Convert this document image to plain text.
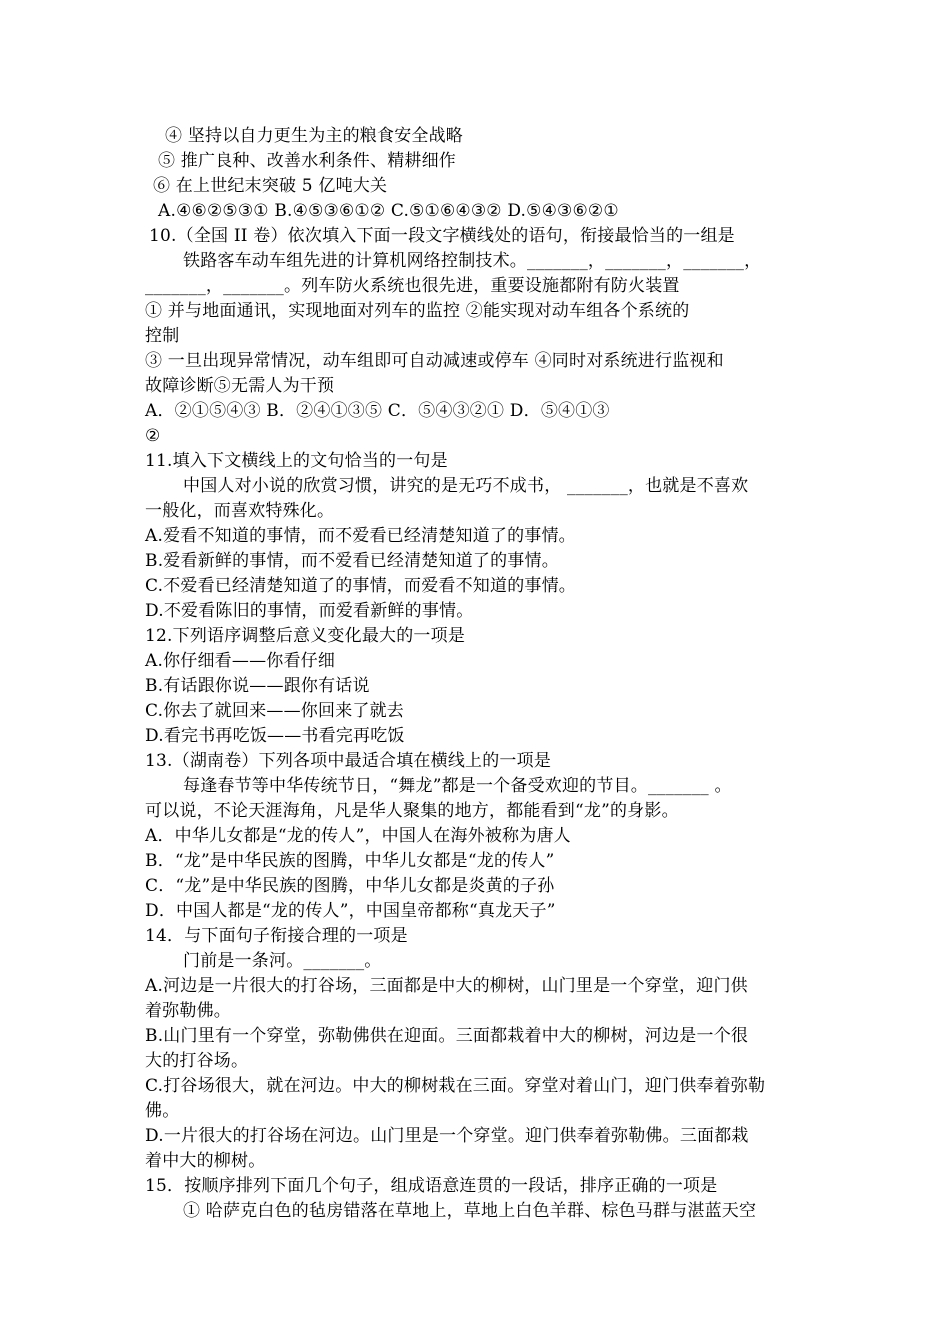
④ 坚持以自力更生为主的粮食安全战略
⑤ 推广良种、改善水利条件、精耕细作
⑥ 在上世纪末突破 5 亿吨大关
A.④⑥②⑤③① B.④⑤③⑥①② C.⑤①⑥④③② D.⑤④③⑥②①
10.（全国 II 卷）依次填入下面一段文字横线处的语句，衔接最恰当的一组是
铁路客车动车组先进的计算机网络控制技术。_______，_______，_______，
_______，_______。列车防火系统也很先进，重要设施都附有防火装置
① 并与地面通讯，实现地面对列车的监控 ②能实现对动车组各个系统的
控制
③ 一旦出现异常情况，动车组即可自动减速或停车 ④同时对系统进行监视和
故障诊断⑤无需人为干预
A．②①⑤④③ B．②④①③⑤ C．⑤④③②① D．⑤④①③
②
11.填入下文横线上的文句恰当的一句是
中国人对小说的欣赏习惯，讲究的是无巧不成书， _______，也就是不喜欢
一般化，而喜欢特殊化。
A.爱看不知道的事情，而不爱看已经清楚知道了的事情。
B.爱看新鲜的事情，而不爱看已经清楚知道了的事情。
C.不爱看已经清楚知道了的事情，而爱看不知道的事情。
D.不爱看陈旧的事情，而爱看新鲜的事情。
12.下列语序调整后意义变化最大的一项是
A.你仔细看——你看仔细
B.有话跟你说——跟你有话说
C.你去了就回来——你回来了就去
D.看完书再吃饭——书看完再吃饭
13.（湖南卷）下列各项中最适合填在横线上的一项是
每逢春节等中华传统节日，“舞龙”都是一个备受欢迎的节目。_______ 。
可以说，不论天涯海角，凡是华人聚集的地方，都能看到“龙”的身影。
A．中华儿女都是“龙的传人”，中国人在海外被称为唐人
B．“龙”是中华民族的图腾，中华儿女都是“龙的传人”
C．“龙”是中华民族的图腾，中华儿女都是炎黄的子孙
D．中国人都是“龙的传人”，中国皇帝都称“真龙天子”
14．与下面句子衔接合理的一项是
门前是一条河。_______。
A.河边是一片很大的打谷场，三面都是中大的柳树，山门里是一个穿堂，迎门供
着弥勒佛。
B.山门里有一个穿堂，弥勒佛供在迎面。三面都栽着中大的柳树，河边是一个很
大的打谷场。
C.打谷场很大，就在河边。中大的柳树栽在三面。穿堂对着山门，迎门供奉着弥勒
佛。
D.一片很大的打谷场在河边。山门里是一个穿堂。迎门供奉着弥勒佛。三面都栽
着中大的柳树。
15．按顺序排列下面几个句子，组成语意连贯的一段话，排序正确的一项是
① 哈萨克白色的毡房错落在草地上，草地上白色羊群、棕色马群与湛蓝天空
